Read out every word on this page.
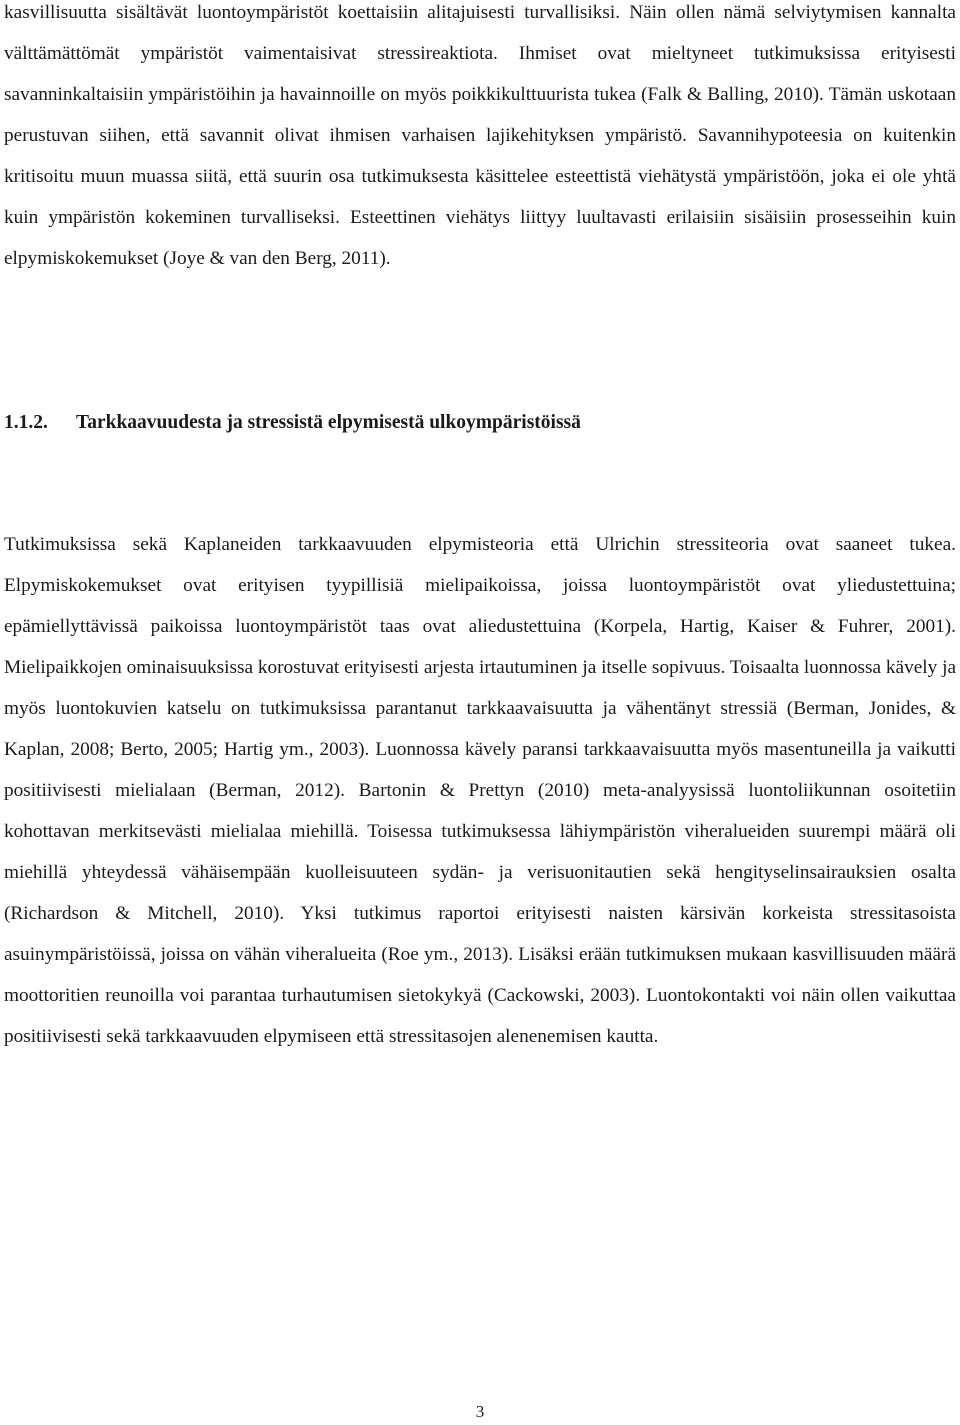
kasvillisuutta sisältävät luontoympäristöt koettaisiin alitajuisesti turvallisiksi. Näin ollen nämä selviytymisen kannalta välttämättömät ympäristöt vaimentaisivat stressireaktiota. Ihmiset ovat mieltyneet tutkimuksissa erityisesti savanninkaltaisiin ympäristöihin ja havainnoille on myös poikkikulttuurista tukea (Falk & Balling, 2010). Tämän uskotaan perustuvan siihen, että savannit olivat ihmisen varhaisen lajikehityksen ympäristö. Savannihypoteesia on kuitenkin kritisoitu muun muassa siitä, että suurin osa tutkimuksesta käsittelee esteettistä viehätystä ympäristöön, joka ei ole yhtä kuin ympäristön kokeminen turvalliseksi. Esteettinen viehätys liittyy luultavasti erilaisiin sisäisiin prosesseihin kuin elpymiskokemukset (Joye & van den Berg, 2011).

1.1.2. Tarkkaavuudesta ja stressistä elpymisestä ulkoympäristöissä

Tutkimuksissa sekä Kaplaneiden tarkkaavuuden elpymisteoria että Ulrichin stressiteoria ovat saaneet tukea. Elpymiskokemukset ovat erityisen tyypillisiä mielipaikoissa, joissa luontoympäristöt ovat yliedustettuina; epämiellyttävissä paikoissa luontoympäristöt taas ovat aliedustettuina (Korpela, Hartig, Kaiser & Fuhrer, 2001). Mielipaikkojen ominaisuuksissa korostuvat erityisesti arjesta irtautuminen ja itselle sopivuus. Toisaalta luonnossa kävely ja myös luontokuvien katselu on tutkimuksissa parantanut tarkkaavaisuutta ja vähentänyt stressiä (Berman, Jonides, & Kaplan, 2008; Berto, 2005; Hartig ym., 2003). Luonnossa kävely paransi tarkkaavaisuutta myös masentuneilla ja vaikutti positiivisesti mielialaan (Berman, 2012). Bartonin & Prettyn (2010) meta-analyysissä luontoliikunnan osoitetiin kohottavan merkitsevästi mielialaa miehillä. Toisessa tutkimuksessa lähiympäristön viheralueiden suurempi määrä oli miehillä yhteydessä vähäisempään kuolleisuuteen sydän- ja verisuonitautien sekä hengityselinsairauksien osalta (Richardson & Mitchell, 2010). Yksi tutkimus raportoi erityisesti naisten kärsivän korkeista stressitasoista asuinympäristöissä, joissa on vähän viheralueita (Roe ym., 2013). Lisäksi erään tutkimuksen mukaan kasvillisuuden määrä moottoritien reunoilla voi parantaa turhautumisen sietokykyä (Cackowski, 2003). Luontokontakti voi näin ollen vaikuttaa positiivisesti sekä tarkkaavuuden elpymiseen että stressitasojen alenenemisen kautta.

3
